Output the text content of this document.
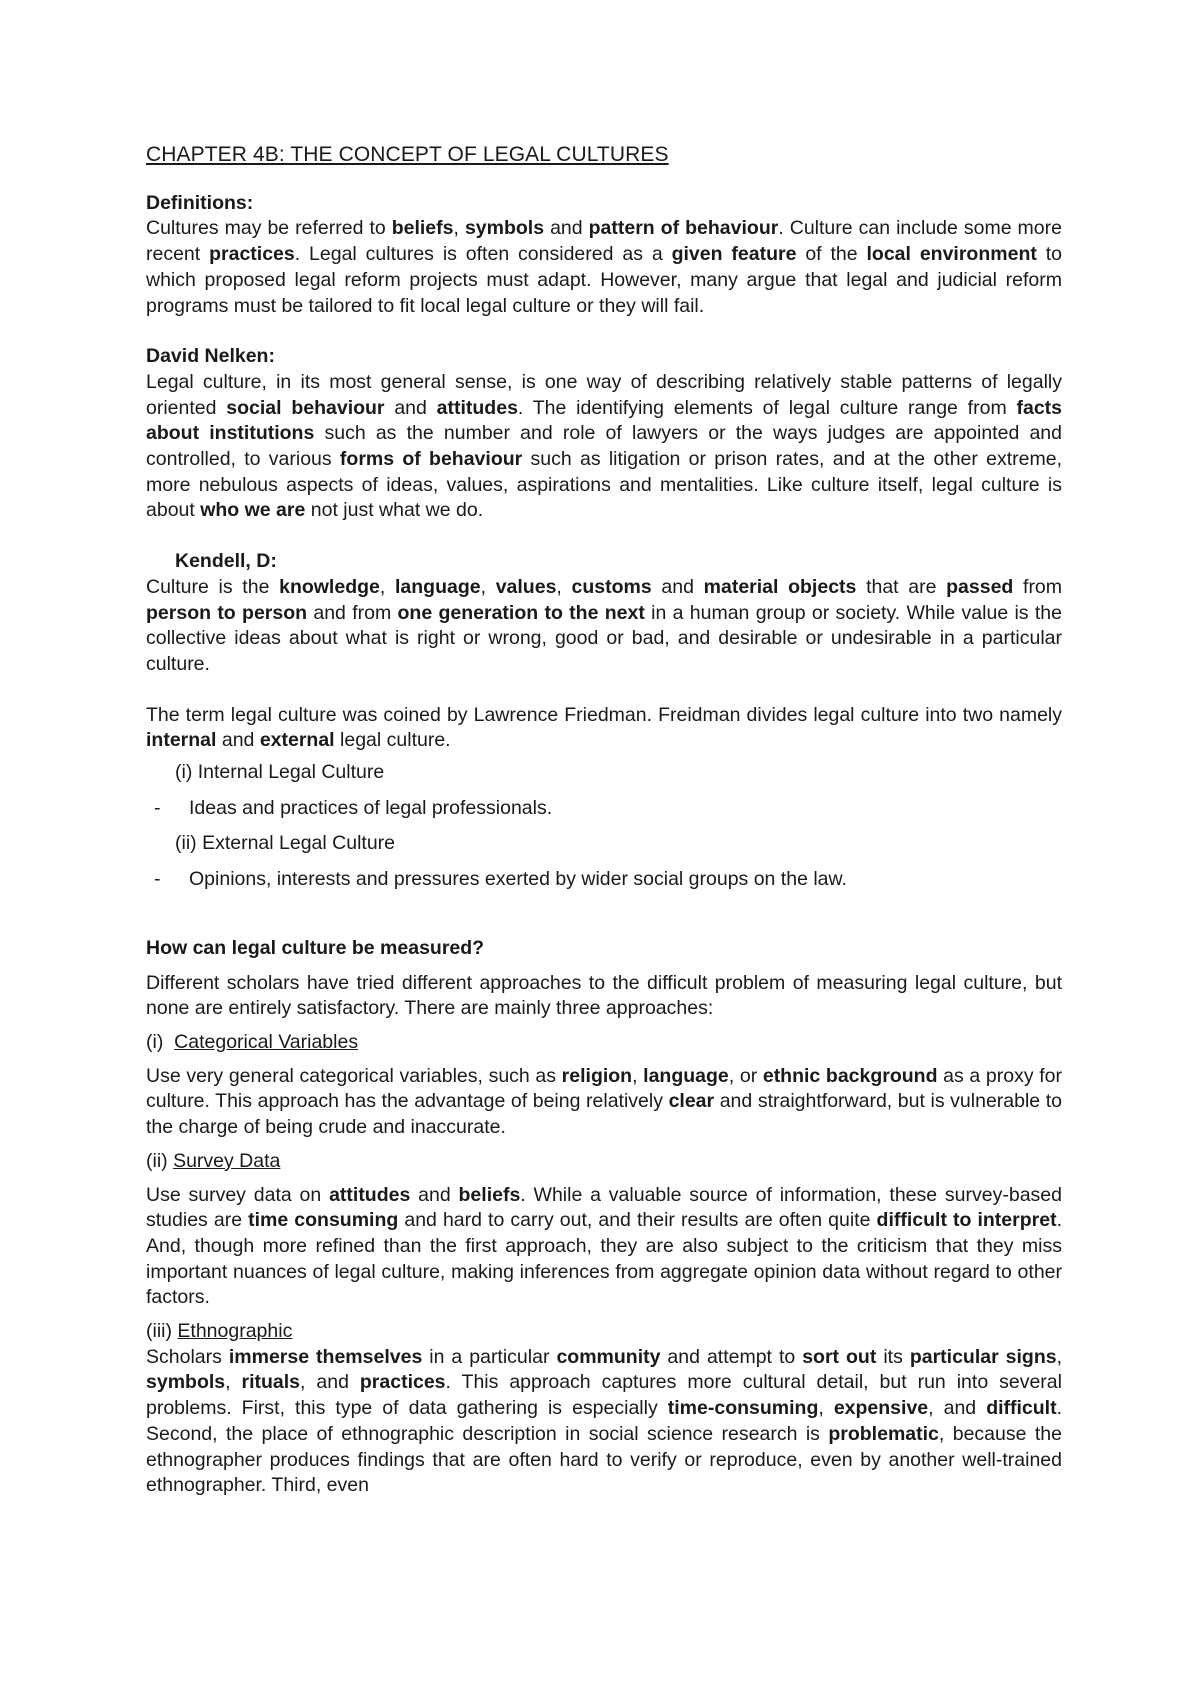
CHAPTER 4B: THE CONCEPT OF LEGAL CULTURES

Definitions:

Cultures may be referred to beliefs, symbols and pattern of behaviour. Culture can include some more recent practices. Legal cultures is often considered as a given feature of the local environment to which proposed legal reform projects must adapt. However, many argue that legal and judicial reform programs must be tailored to fit local legal culture or they will fail.

David Nelken:

Legal culture, in its most general sense, is one way of describing relatively stable patterns of legally oriented social behaviour and attitudes. The identifying elements of legal culture range from facts about institutions such as the number and role of lawyers or the ways judges are appointed and controlled, to various forms of behaviour such as litigation or prison rates, and at the other extreme, more nebulous aspects of ideas, values, aspirations and mentalities. Like culture itself, legal culture is about who we are not just what we do.

Kendell, D:

Culture is the knowledge, language, values, customs and material objects that are passed from person to person and from one generation to the next in a human group or society. While value is the collective ideas about what is right or wrong, good or bad, and desirable or undesirable in a particular culture.

The term legal culture was coined by Lawrence Friedman. Freidman divides legal culture into two namely internal and external legal culture.

(i) Internal Legal Culture

- Ideas and practices of legal professionals.

(ii) External Legal Culture

- Opinions, interests and pressures exerted by wider social groups on the law.

How can legal culture be measured?

Different scholars have tried different approaches to the difficult problem of measuring legal culture, but none are entirely satisfactory. There are mainly three approaches:

(i) Categorical Variables

Use very general categorical variables, such as religion, language, or ethnic background as a proxy for culture. This approach has the advantage of being relatively clear and straightforward, but is vulnerable to the charge of being crude and inaccurate.

(ii) Survey Data

Use survey data on attitudes and beliefs. While a valuable source of information, these survey-based studies are time consuming and hard to carry out, and their results are often quite difficult to interpret. And, though more refined than the first approach, they are also subject to the criticism that they miss important nuances of legal culture, making inferences from aggregate opinion data without regard to other factors.

(iii) Ethnographic

Scholars immerse themselves in a particular community and attempt to sort out its particular signs, symbols, rituals, and practices. This approach captures more cultural detail, but run into several problems. First, this type of data gathering is especially time-consuming, expensive, and difficult. Second, the place of ethnographic description in social science research is problematic, because the ethnographer produces findings that are often hard to verify or reproduce, even by another well-trained ethnographer. Third, even
